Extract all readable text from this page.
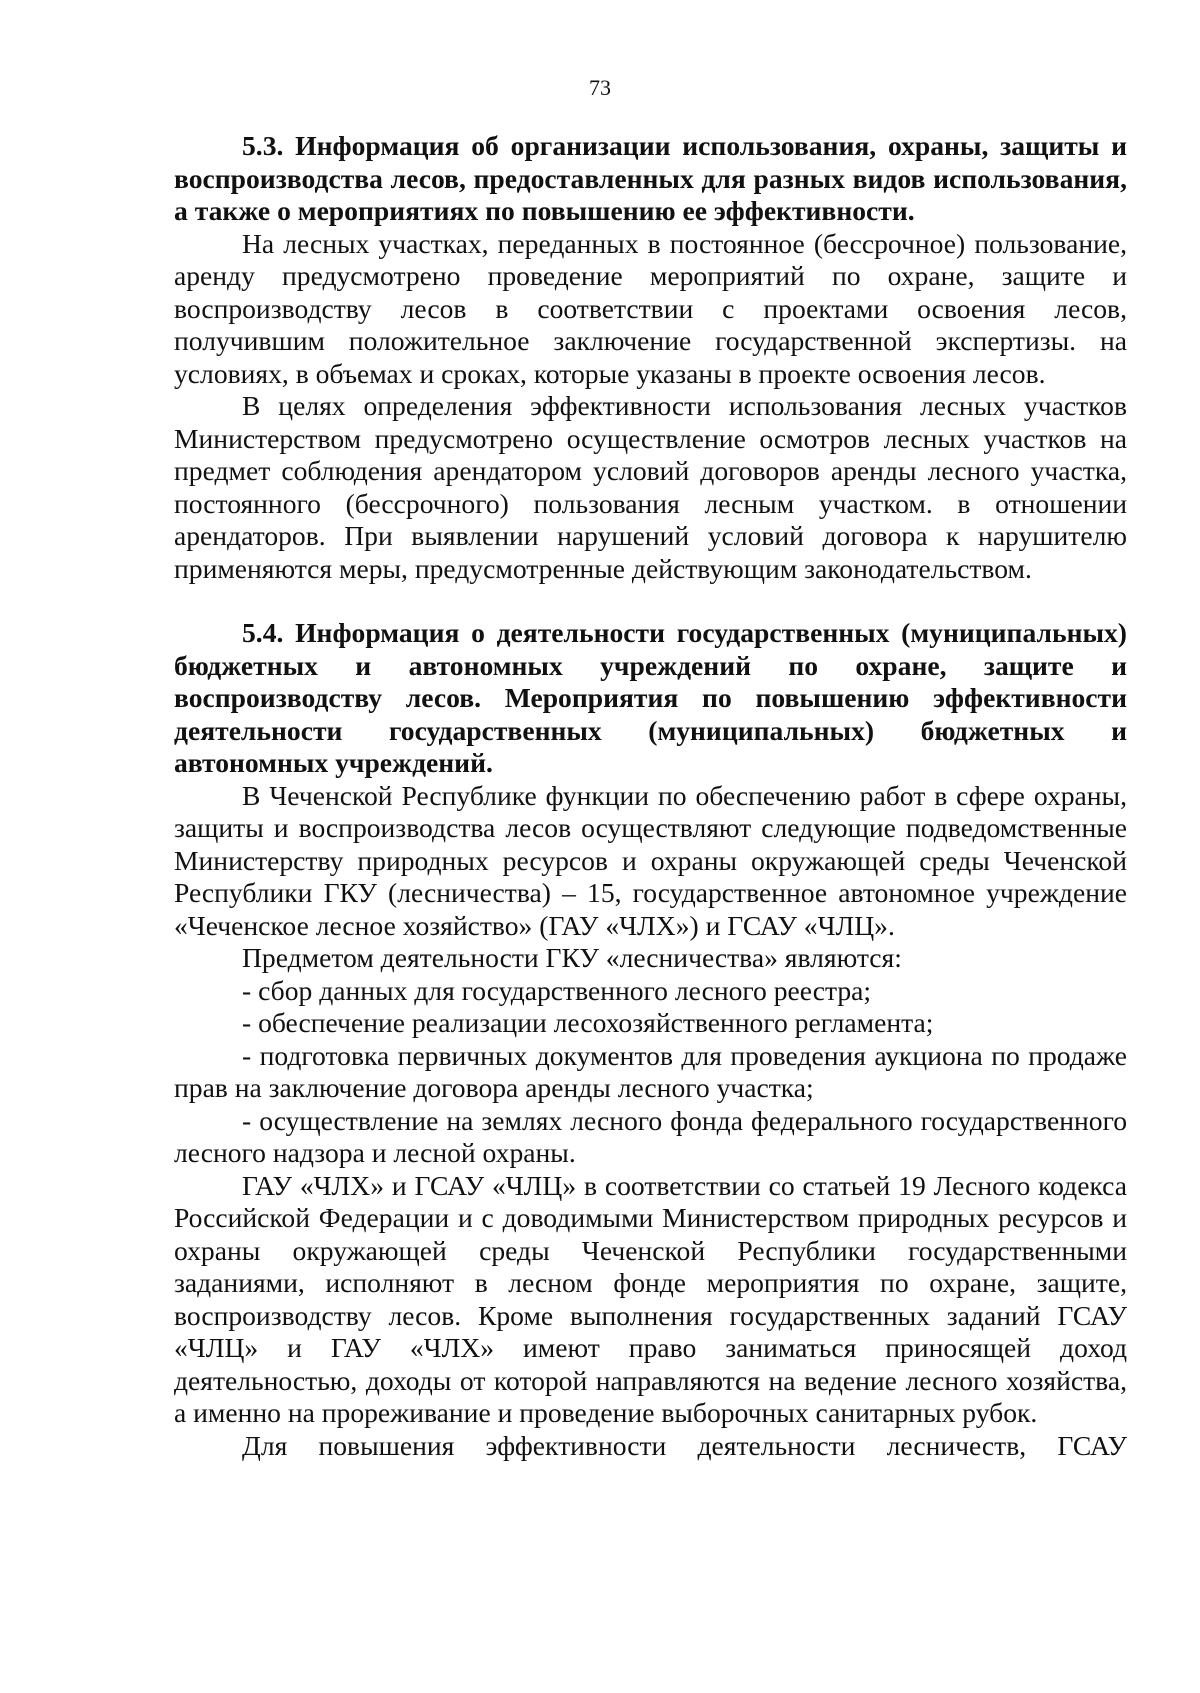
73

5.3. Информация об организации использования, охраны, защиты и воспроизводства лесов, предоставленных для разных видов использования, а также о мероприятиях по повышению ее эффективности.

На лесных участках, переданных в постоянное (бессрочное) пользование, аренду предусмотрено проведение мероприятий по охране, защите и воспроизводству лесов в соответствии с проектами освоения лесов, получившим положительное заключение государственной экспертизы. на условиях, в объемах и сроках, которые указаны в проекте освоения лесов.

В целях определения эффективности использования лесных участков Министерством предусмотрено осуществление осмотров лесных участков на предмет соблюдения арендатором условий договоров аренды лесного участка, постоянного (бессрочного) пользования лесным участком. в отношении арендаторов. При выявлении нарушений условий договора к нарушителю применяются меры, предусмотренные действующим законодательством.

5.4. Информация о деятельности государственных (муниципальных) бюджетных и автономных учреждений по охране, защите и воспроизводству лесов. Мероприятия по повышению эффективности деятельности государственных (муниципальных) бюджетных и автономных учреждений.

В Чеченской Республике функции по обеспечению работ в сфере охраны, защиты и воспроизводства лесов осуществляют следующие подведомственные Министерству природных ресурсов и охраны окружающей среды Чеченской Республики ГКУ (лесничества) – 15, государственное автономное учреждение «Чеченское лесное хозяйство» (ГАУ «ЧЛХ») и ГСАУ «ЧЛЦ».

Предметом деятельности ГКУ «лесничества» являются:

- сбор данных для государственного лесного реестра;

- обеспечение реализации лесохозяйственного регламента;

- подготовка первичных документов для проведения аукциона по продаже прав на заключение договора аренды лесного участка;

- осуществление на землях лесного фонда федерального государственного лесного надзора и лесной охраны.

ГАУ «ЧЛХ» и ГСАУ «ЧЛЦ» в соответствии со статьей 19 Лесного кодекса Российской Федерации и с доводимыми Министерством природных ресурсов и охраны окружающей среды Чеченской Республики государственными заданиями, исполняют в лесном фонде мероприятия по охране, защите, воспроизводству лесов. Кроме выполнения государственных заданий ГСАУ «ЧЛЦ» и ГАУ «ЧЛХ» имеют право заниматься приносящей доход деятельностью, доходы от которой направляются на ведение лесного хозяйства, а именно на прореживание и проведение выборочных санитарных рубок.

Для повышения эффективности деятельности лесничеств, ГСАУ
